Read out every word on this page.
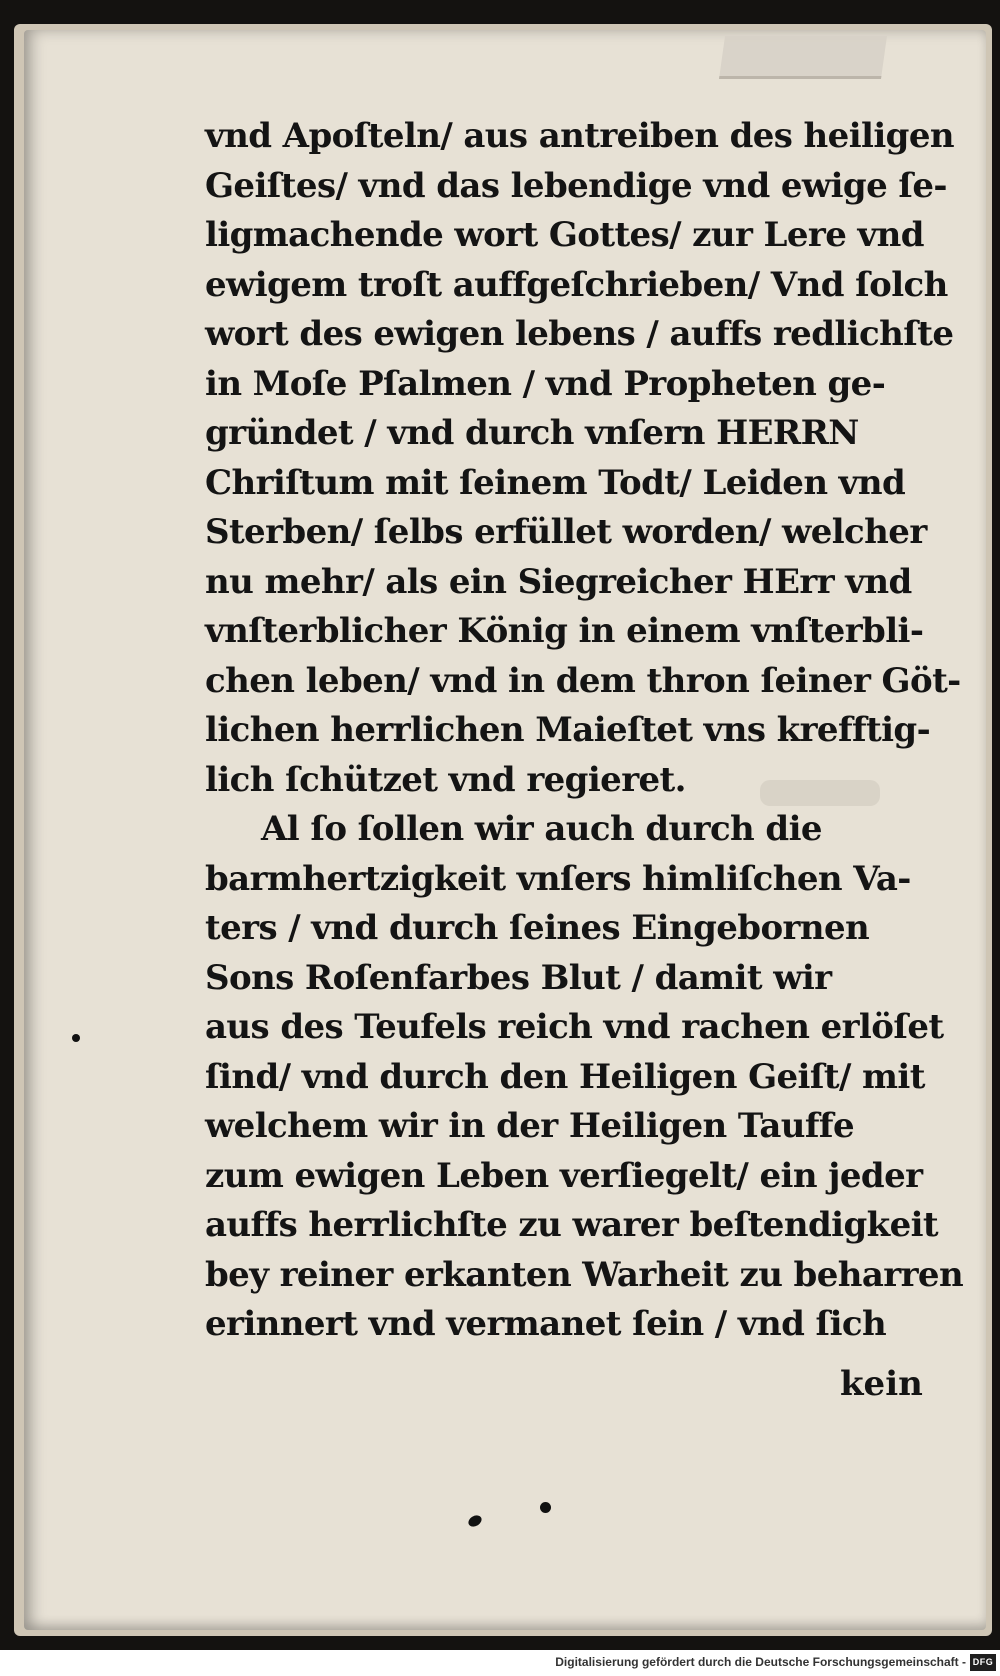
vnd Apoſteln/ aus antreiben des heiligen
Geiſtes/ vnd das lebendige vnd ewige ſe-
ligmachende wort Gottes/ zur Lere vnd
ewigem troſt auffgeſchrieben/ Vnd ſolch
wort des ewigen lebens / auffs redlichſte
in Moſe Pſalmen / vnd Propheten ge-
gründet / vnd durch vnſern HERRN
Chriſtum mit ſeinem Todt/ Leiden vnd
Sterben/ ſelbs erfüllet worden/ welcher
nu mehr/ als ein Siegreicher HErr vnd
vnſterblicher König in einem vnſterbli-
chen leben/ vnd in dem thron ſeiner Göt-
lichen herrlichen Maieſtet vns krefftig-
lich ſchützet vnd regieret.
Al ſo ſollen wir auch durch die
barmhertzigkeit vnſers himliſchen Va-
ters / vnd durch ſeines Eingebornen
Sons Roſenfarbes Blut / damit wir
aus des Teufels reich vnd rachen erlöſet
ſind/ vnd durch den Heiligen Geiſt/ mit
welchem wir in der Heiligen Tauffe
zum ewigen Leben verſiegelt/ ein jeder
auffs herrlichſte zu warer beſtendigkeit
bey reiner erkanten Warheit zu beharren
erinnert vnd vermanet ſein / vnd ſich
kein
Digitalisierung gefördert durch die Deutsche Forschungsgemeinschaft - DFG
